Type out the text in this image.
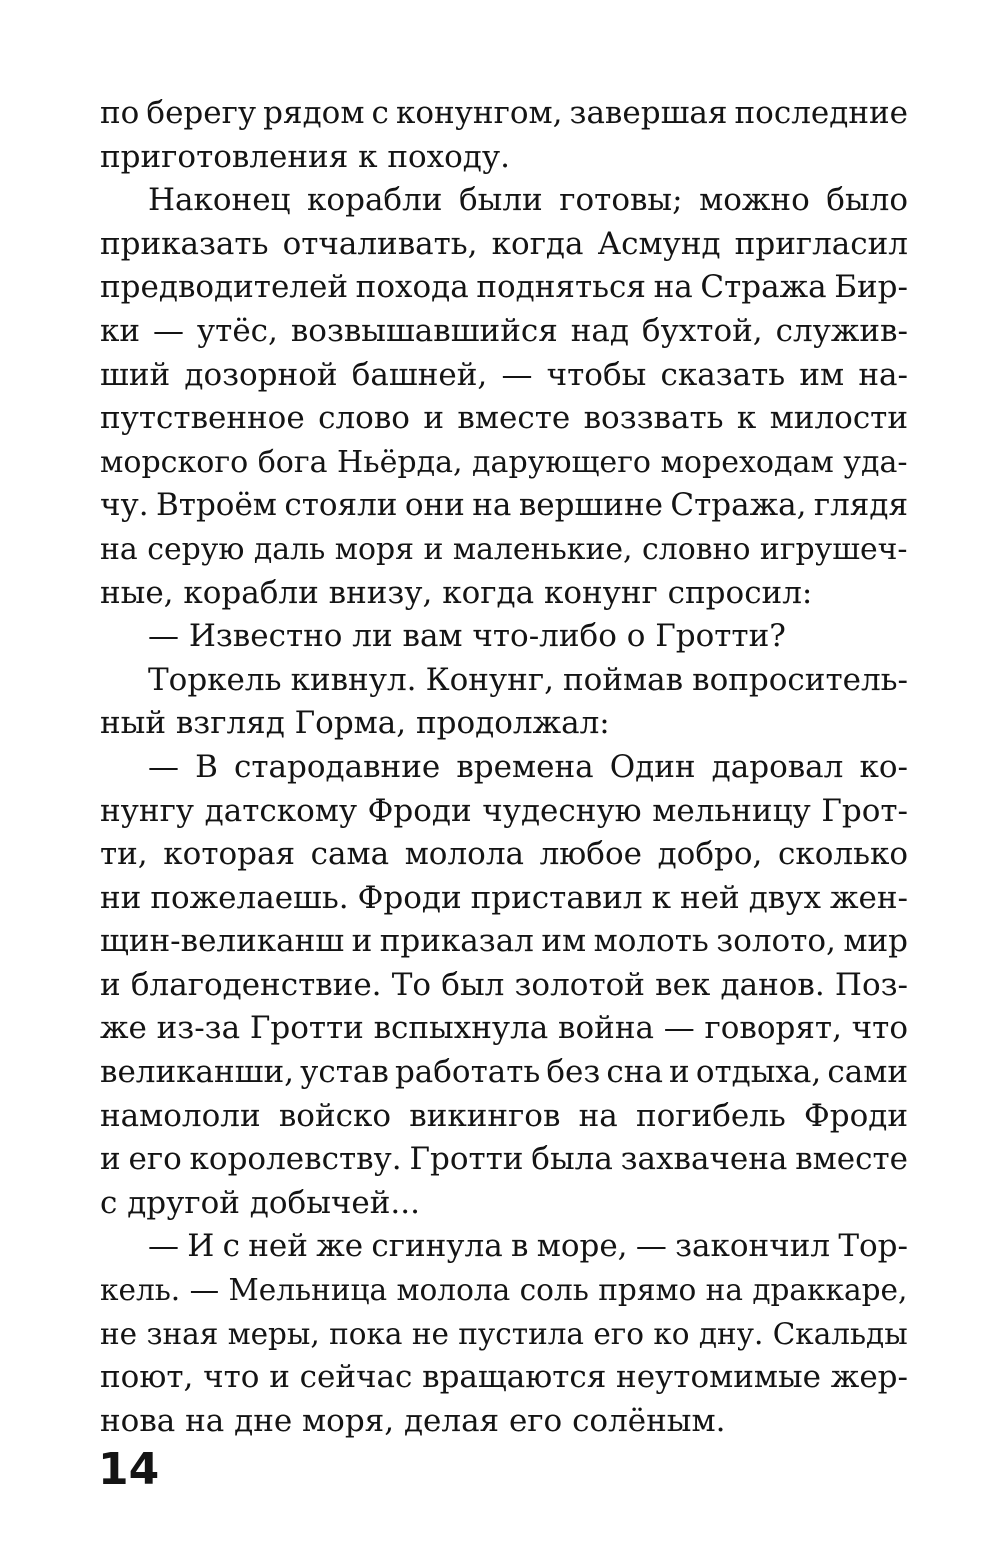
по берегу рядом с конунгом, завершая последние
приготовления к походу.
Наконец корабли были готовы; можно было
приказать отчаливать, когда Асмунд пригласил
предводителей похода подняться на Стража Бир-
ки — утёс, возвышавшийся над бухтой, служив-
ший дозорной башней, — чтобы сказать им на-
путственное слово и вместе воззвать к милости
морского бога Ньёрда, дарующего мореходам уда-
чу. Втроём стояли они на вершине Стража, глядя
на серую даль моря и маленькие, словно игрушеч-
ные, корабли внизу, когда конунг спросил:
— Известно ли вам что-либо о Гротти?
Торкель кивнул. Конунг, поймав вопроситель-
ный взгляд Горма, продолжал:
— В стародавние времена Один даровал ко-
нунгу датскому Фроди чудесную мельницу Грот-
ти, которая сама молола любое добро, сколько
ни пожелаешь. Фроди приставил к ней двух жен-
щин-великанш и приказал им молоть золото, мир
и благоденствие. То был золотой век данов. Поз-
же из-за Гротти вспыхнула война — говорят, что
великанши, устав работать без сна и отдыха, сами
намололи войско викингов на погибель Фроди
и его королевству. Гротти была захвачена вместе
с другой добычей...
— И с ней же сгинула в море, — закончил Тор-
кель. — Мельница молола соль прямо на драккаре,
не зная меры, пока не пустила его ко дну. Скальды
поют, что и сейчас вращаются неутомимые жер-
нова на дне моря, делая его солёным.
14
